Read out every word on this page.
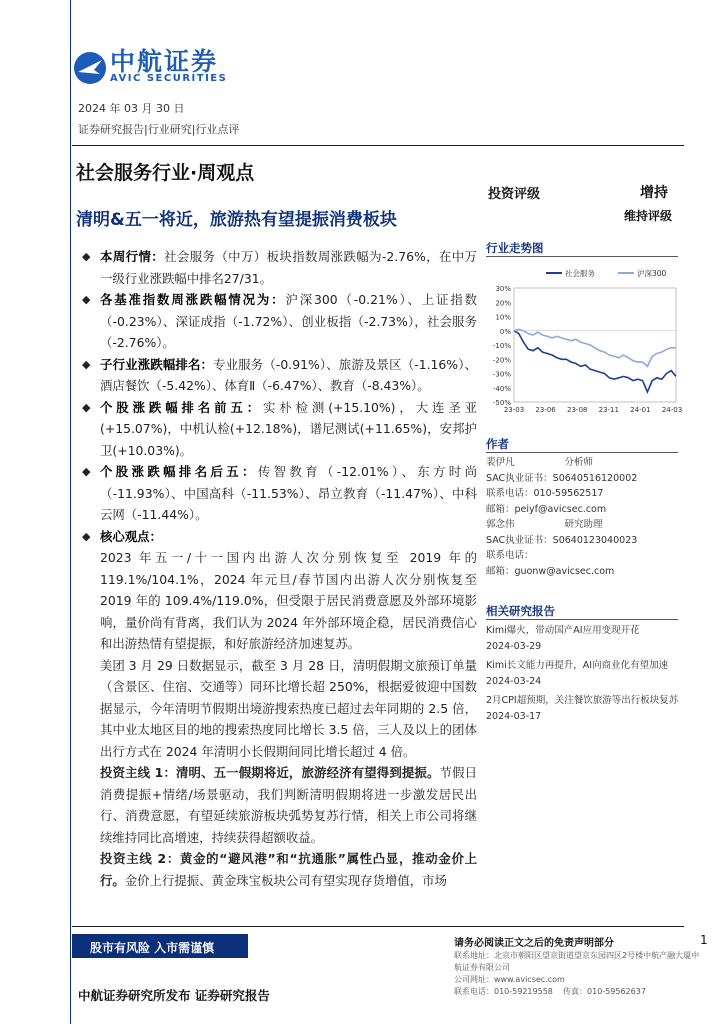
中航证券
AVIC SECURITIES
2024 年 03 月 30 日
证券研究报告|行业研究|行业点评
社会服务行业·周观点
清明&五一将近，旅游热有望提振消费板块
投资评级	增持
维持评级
◆ 本周行情：社会服务（中万）板块指数周涨跌幅为-2.76%，在中万一级行业涨跌幅中排名27/31。
◆ 各基准指数周涨跌幅情况为：沪深300（-0.21%）、上证指数（-0.23%）、深证成指（-1.72%）、创业板指（-2.73%），社会服务（-2.76%）。
◆ 子行业涨跌幅排名：专业服务（-0.91%）、旅游及景区（-1.16%）、酒店餐饮（-5.42%）、体育Ⅱ（-6.47%）、教育（-8.43%）。
◆ 个股涨跌幅排名前五：实朴检测(+15.10%)，大连圣亚(+15.07%)，中机认检(+12.18%)，谱尼测试(+11.65%)，安邦护卫(+10.03%)。
◆ 个股涨跌幅排名后五：传智教育（-12.01%）、东方时尚（-11.93%）、中国高科（-11.53%）、昂立教育（-11.47%）、中科云网（-11.44%）。
◆ 核心观点：
2023 年五一/十一国内出游人次分别恢复至 2019 年的 119.1%/104.1%，2024 年元旦/春节国内出游人次分别恢复至 2019 年的 109.4%/119.0%，但受限于居民消费意愿及外部环境影响，量价尚有背离，我们认为 2024 年外部环境企稳，居民消费信心和出游热情有望提振，和好旅游经济加速复苏。
美团 3 月 29 日数据显示，截至 3 月 28 日，清明假期文旅预订单量（含景区、住宿、交通等）同环比增长超 250%，根据爱彼迎中国数据显示，今年清明节假期出境游搜索热度已超过去年同期的 2.5 倍，其中业太地区目的地的搜索热度同比增长 3.5 倍，三人及以上的团体出行方式在 2024 年清明小长假期间同比增长超过 4 倍。
投资主线 1：清明、五一假期将近，旅游经济有望得到提振。节假日消费提振+情绪/场景驱动，我们判断清明假期将进一步激发居民出行、消费意愿，有望延续旅游板块弧势复苏行情，相关上市公司将继续维持同比高增速，持续获得超额收益。
投资主线 2：黄金的“避风港”和“抗通胀”属性凸显，推动金价上行。金价上行提振、黄金珠宝板块公司有望实现存货增值，市场
行业走势图
30%
20%
10%
0%
-10%
-20%
-30%
-40%
-50%
23-03 23-06 23-08 23-11 24-01 24-03
社会服务	沪深300
作者
裴伊凡	分析师
SAC执业证书：S0640516120002
联系电话：010-59562517
邮箱：peiyf@avicsec.com
郭念伟	研究助理
SAC执业证书：S0640123040023
联系电话：
邮箱：guonw@avicsec.com
相关研究报告
Kimi爆火，带动国产AI应用变现开花
2024-03-29
Kimi长文能力再提升，AI向商业化有望加速 2024-03-24
2月CPI超预期，关注餐饮旅游等出行板块复苏 2024-03-17
股市有风险 入市需谨慎	请务必阅读正文之后的免责声明部分	1
联系地址：北京市朝阳区望京街道望京东园四区2号楼中航产融大厦中航证券有限公司
公司网址：www.avicsec.com
联系电话：010-59219558 传真：010-59562637
中航证券研究所发布 证券研究报告
